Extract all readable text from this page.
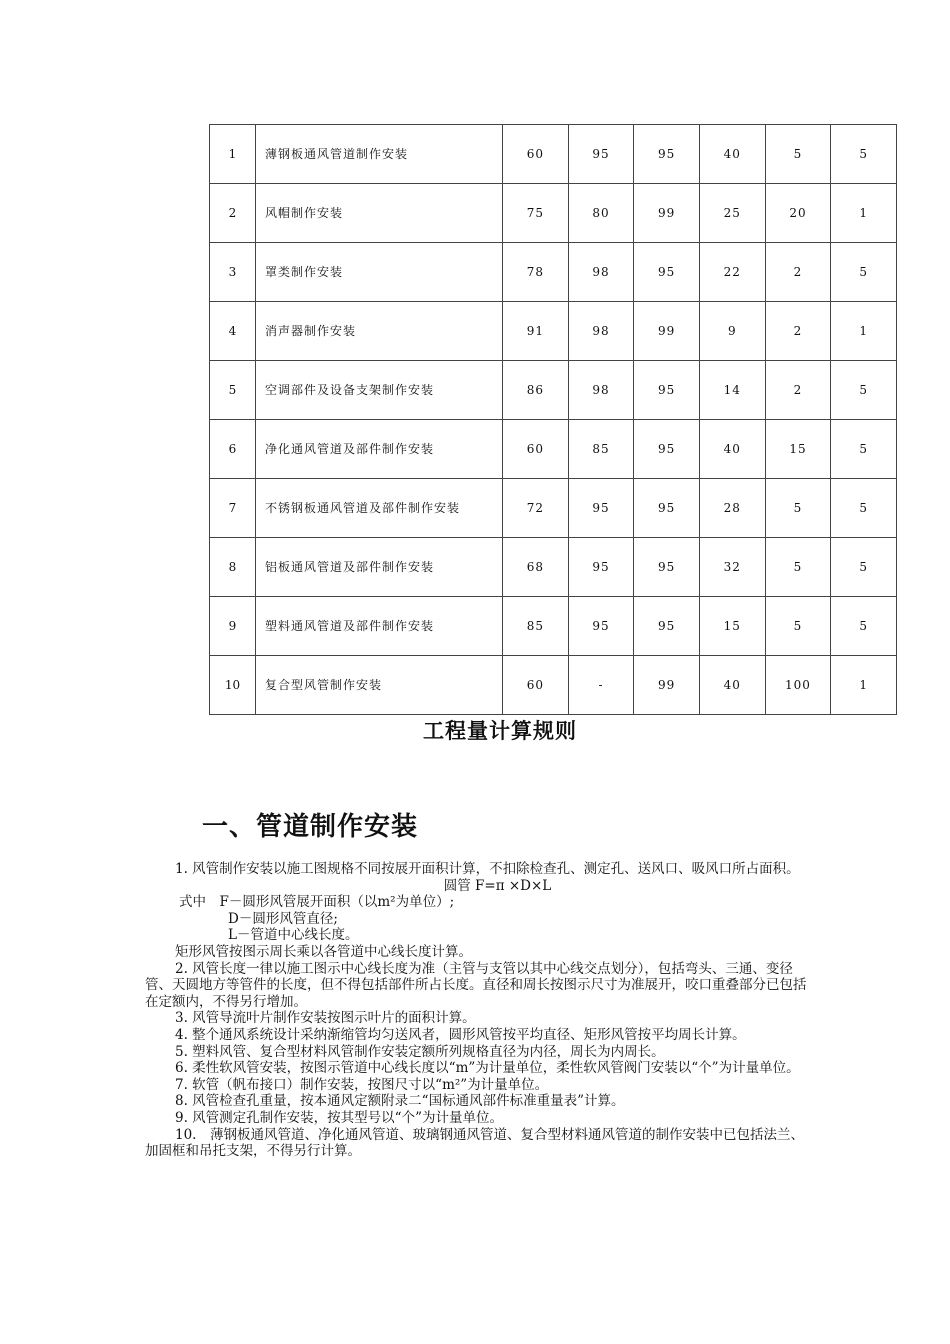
1	薄钢板通风管道制作安装	60	95	95	40	5	5
2	风帽制作安装	75	80	99	25	20	1
3	罩类制作安装	78	98	95	22	2	5
4	消声器制作安装	91	98	99	9	2	1
5	空调部件及设备支架制作安装	86	98	95	14	2	5
6	净化通风管道及部件制作安装	60	85	95	40	15	5
7	不锈钢板通风管道及部件制作安装	72	95	95	28	5	5
8	铝板通风管道及部件制作安装	68	95	95	32	5	5
9	塑料通风管道及部件制作安装	85	95	95	15	5	5
10	复合型风管制作安装	60	-	99	40	100	1
工程量计算规则
一、管道制作安装

1. 风管制作安装以施工图规格不同按展开面积计算，不扣除检查孔、测定孔、送风口、吸风口所占面积。

圆管 F=π ×D×L

式中　F－圆形风管展开面积（以m²为单位）;

D－圆形风管直径;

L－管道中心线长度。

矩形风管按图示周长乘以各管道中心线长度计算。

2. 风管长度一律以施工图示中心线长度为准（主管与支管以其中心线交点划分），包括弯头、三通、变径管、天圆地方等管件的长度，但不得包括部件所占长度。直径和周长按图示尺寸为准展开，咬口重叠部分已包括在定额内，不得另行增加。

3. 风管导流叶片制作安装按图示叶片的面积计算。

4. 整个通风系统设计采纳渐缩管均匀送风者，圆形风管按平均直径、矩形风管按平均周长计算。

5. 塑料风管、复合型材料风管制作安装定额所列规格直径为内径，周长为内周长。

6. 柔性软风管安装，按图示管道中心线长度以“m”为计量单位，柔性软风管阀门安装以“个”为计量单位。

7. 软管（帆布接口）制作安装，按图尺寸以“m²”为计量单位。

8. 风管检查孔重量，按本通风定额附录二“国标通风部件标准重量表”计算。

9. 风管测定孔制作安装，按其型号以“个”为计量单位。

10.　薄钢板通风管道、净化通风管道、玻璃钢通风管道、复合型材料通风管道的制作安装中已包括法兰、加固框和吊托支架，不得另行计算。
